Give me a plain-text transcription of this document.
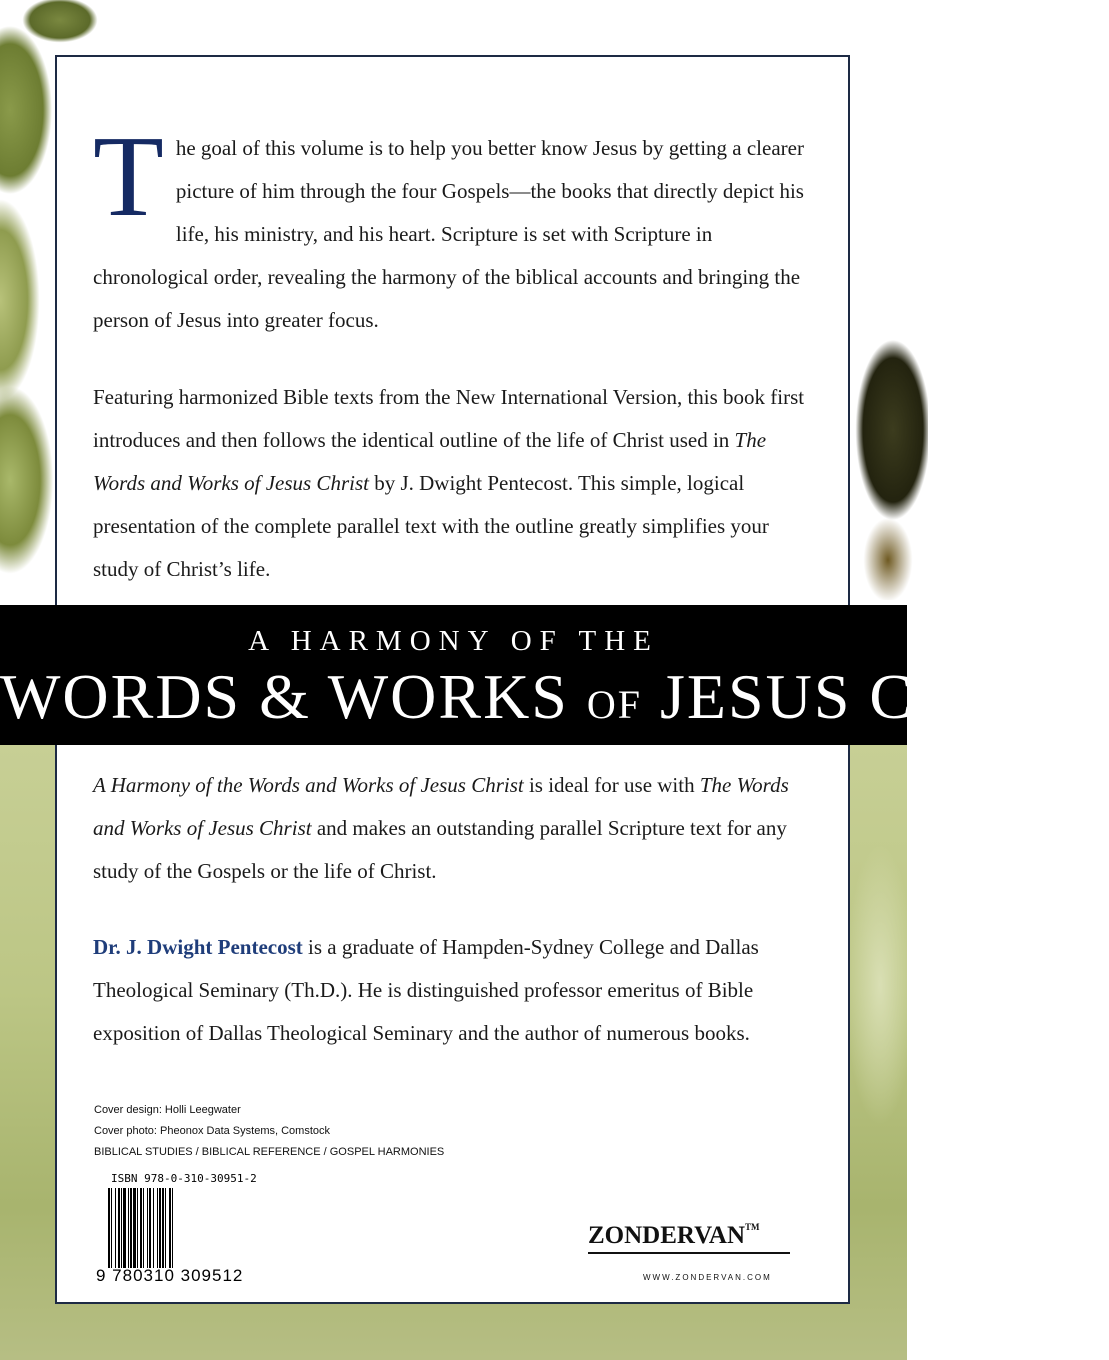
The goal of this volume is to help you better know Jesus by getting a clearer picture of him through the four Gospels—the books that directly depict his life, his ministry, and his heart. Scripture is set with Scripture in chronological order, revealing the harmony of the biblical accounts and bringing the person of Jesus into greater focus.
Featuring harmonized Bible texts from the New International Version, this book first introduces and then follows the identical outline of the life of Christ used in The Words and Works of Jesus Christ by J. Dwight Pentecost. This simple, logical presentation of the complete parallel text with the outline greatly simplifies your study of Christ’s life.
A HARMONY OF THE
WORDS & WORKS OF JESUS CHRIST
A Harmony of the Words and Works of Jesus Christ is ideal for use with The Words and Works of Jesus Christ and makes an outstanding parallel Scripture text for any study of the Gospels or the life of Christ.
Dr. J. Dwight Pentecost is a graduate of Hampden-Sydney College and Dallas Theological Seminary (Th.D.). He is distinguished professor emeritus of Bible exposition of Dallas Theological Seminary and the author of numerous books.
Cover design: Holli Leegwater
Cover photo: Pheonox Data Systems, Comstock
BIBLICAL STUDIES / BIBLICAL REFERENCE / GOSPEL HARMONIES
ISBN 978-0-310-30951-2
9 780310 309512
ZONDERVAN™
WWW.ZONDERVAN.COM
